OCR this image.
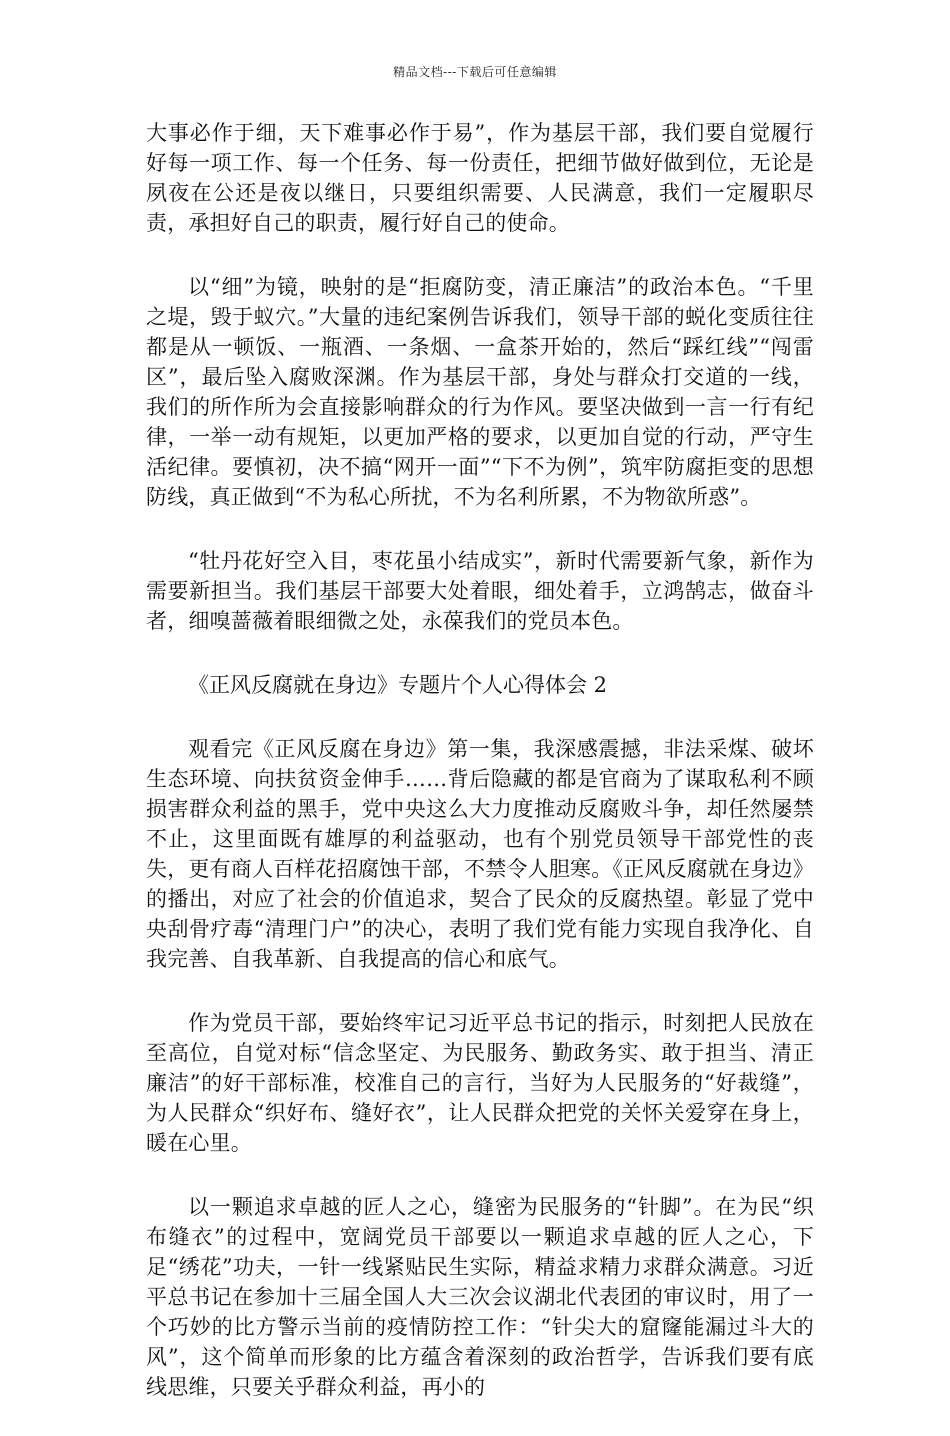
精品文档---下载后可任意编辑

大事必作于细，天下难事必作于易”，作为基层干部，我们要自觉履行好每一项工作、每一个任务、每一份责任，把细节做好做到位，无论是夙夜在公还是夜以继日，只要组织需要、人民满意，我们一定履职尽责，承担好自己的职责，履行好自己的使命。

以“细”为镜，映射的是“拒腐防变，清正廉洁”的政治本色。“千里之堤，毁于蚁穴。”大量的违纪案例告诉我们，领导干部的蜕化变质往往都是从一顿饭、一瓶酒、一条烟、一盒茶开始的，然后“踩红线”“闯雷区”，最后坠入腐败深渊。作为基层干部，身处与群众打交道的一线，我们的所作所为会直接影响群众的行为作风。要坚决做到一言一行有纪律，一举一动有规矩，以更加严格的要求，以更加自觉的行动，严守生活纪律。要慎初，决不搞“网开一面”“下不为例”，筑牢防腐拒变的思想防线，真正做到“不为私心所扰，不为名利所累，不为物欲所惑”。

“牡丹花好空入目，枣花虽小结成实”，新时代需要新气象，新作为需要新担当。我们基层干部要大处着眼，细处着手，立鸿鹄志，做奋斗者，细嗅蔷薇着眼细微之处，永葆我们的党员本色。

《正风反腐就在身边》专题片个人心得体会 2

观看完《正风反腐在身边》第一集，我深感震撼，非法采煤、破坏生态环境、向扶贫资金伸手……背后隐藏的都是官商为了谋取私利不顾损害群众利益的黑手，党中央这么大力度推动反腐败斗争，却任然屡禁不止，这里面既有雄厚的利益驱动，也有个别党员领导干部党性的丧失，更有商人百样花招腐蚀干部，不禁令人胆寒。《正风反腐就在身边》的播出，对应了社会的价值追求，契合了民众的反腐热望。彰显了党中央刮骨疗毒“清理门户”的决心，表明了我们党有能力实现自我净化、自我完善、自我革新、自我提高的信心和底气。

作为党员干部，要始终牢记习近平总书记的指示，时刻把人民放在至高位，自觉对标“信念坚定、为民服务、勤政务实、敢于担当、清正廉洁”的好干部标准，校准自己的言行，当好为人民服务的“好裁缝”，为人民群众“织好布、缝好衣”，让人民群众把党的关怀关爱穿在身上，暖在心里。

以一颗追求卓越的匠人之心，缝密为民服务的“针脚”。在为民“织布缝衣”的过程中，宽阔党员干部要以一颗追求卓越的匠人之心，下足“绣花”功夫，一针一线紧贴民生实际，精益求精力求群众满意。习近平总书记在参加十三届全国人大三次会议湖北代表团的审议时，用了一个巧妙的比方警示当前的疫情防控工作：“针尖大的窟窿能漏过斗大的风”，这个简单而形象的比方蕴含着深刻的政治哲学，告诉我们要有底线思维，只要关乎群众利益，再小的
